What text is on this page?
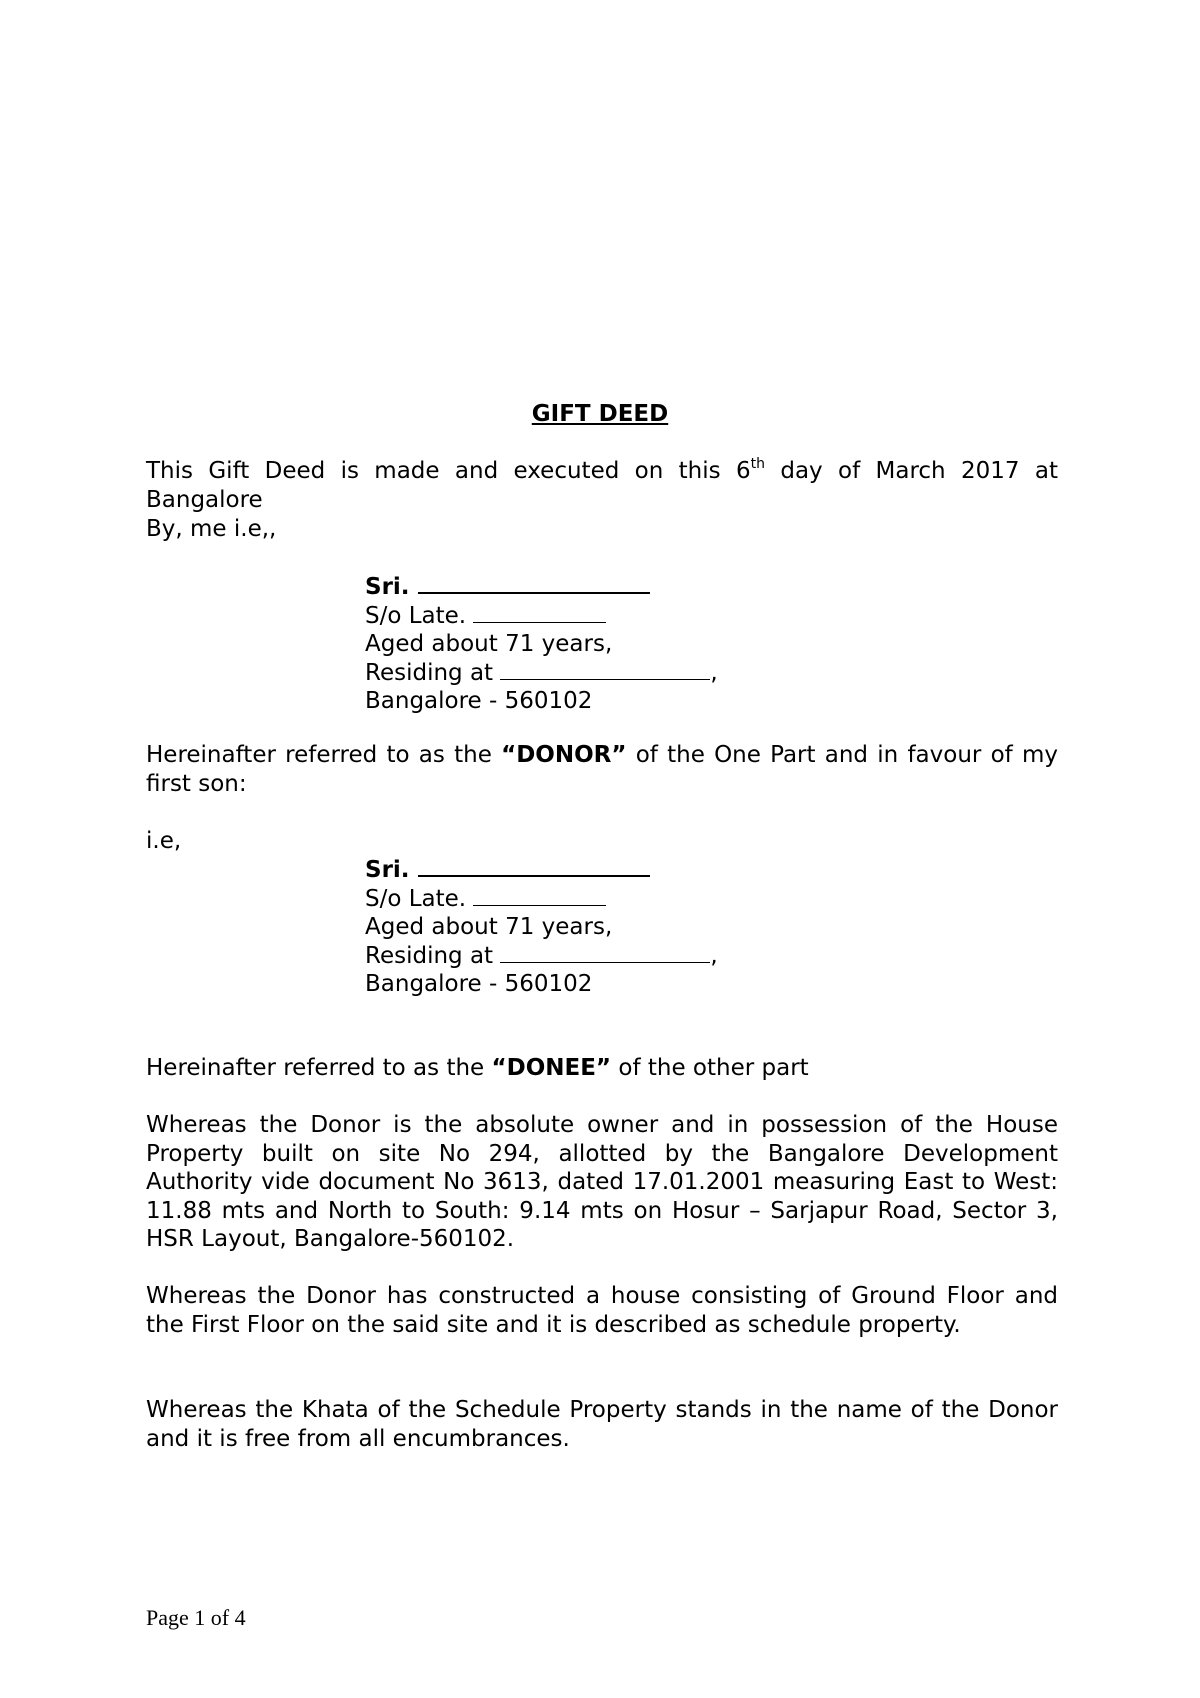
GIFT DEED
This Gift Deed is made and executed on this 6th day of March 2017 at Bangalore
By, me i.e,,
Sri.
S/o Late.
Aged about 71 years,
Residing at	,
Bangalore - 560102
Hereinafter referred to as the “DONOR” of the One Part and in favour of my first son:
i.e,
Sri.
S/o Late.
Aged about 71 years,
Residing at	,
Bangalore - 560102
Hereinafter referred to as the “DONEE” of the other part
Whereas the Donor is the absolute owner and in possession of the House Property built on site No 294, allotted by the Bangalore Development Authority vide document No 3613, dated 17.01.2001 measuring East to West: 11.88 mts and North to South: 9.14 mts on Hosur – Sarjapur Road, Sector 3, HSR Layout, Bangalore-560102.
Whereas the Donor has constructed a house consisting of Ground Floor and the First Floor on the said site and it is described as schedule property.
Whereas the Khata of the Schedule Property stands in the name of the Donor and it is free from all encumbrances.
Page 1 of 4
